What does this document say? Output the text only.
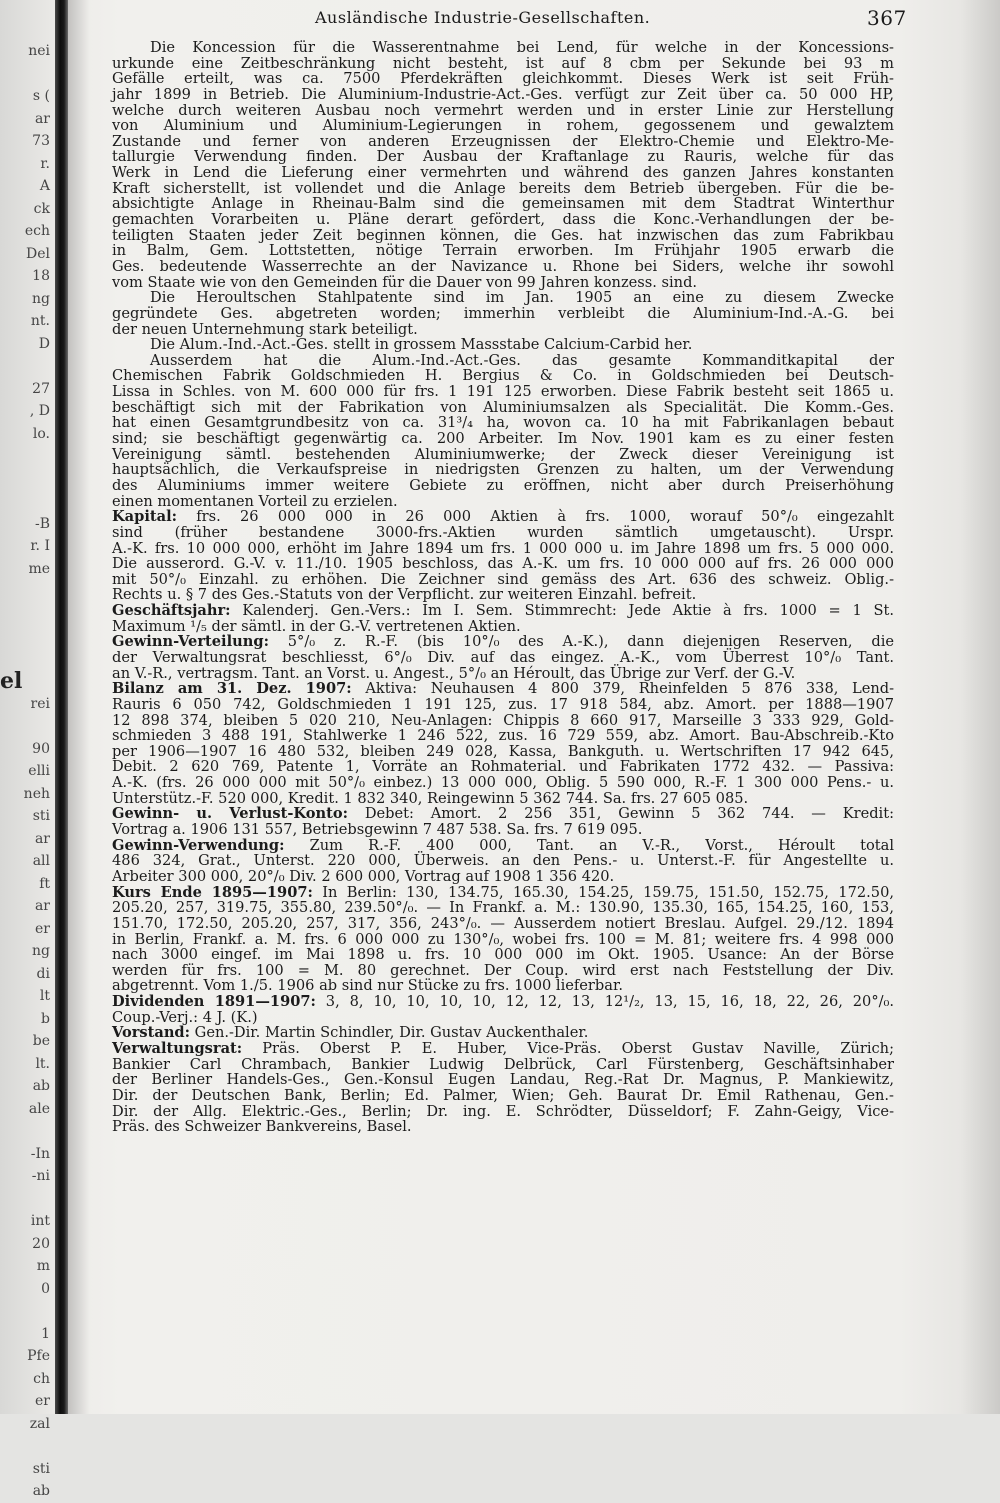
nei
s (
ar
73
r.
A
ck
ech
Del
18
ng
nt.
D
27
, D
lo.
-B
r. I
me
el
rei
90
elli
neh
sti
ar
all
ft
ar
er
ng
di
lt
b
be
lt.
ab
ale
-In
-ni
int
20
m
0
1
Pfe
ch
er
zal
sti
ab
Ausländische Industrie-Gesellschaften.	367
Die Koncession für die Wasserentnahme bei Lend, für welche in der Koncessions-
urkunde eine Zeitbeschränkung nicht besteht, ist auf 8 cbm per Sekunde bei 93 m
Gefälle erteilt, was ca. 7500 Pferdekräften gleichkommt. Dieses Werk ist seit Früh-
jahr 1899 in Betrieb. Die Aluminium-Industrie-Act.-Ges. verfügt zur Zeit über ca. 50 000 HP,
welche durch weiteren Ausbau noch vermehrt werden und in erster Linie zur Herstellung
von Aluminium und Aluminium-Legierungen in rohem, gegossenem und gewalztem
Zustande und ferner von anderen Erzeugnissen der Elektro-Chemie und Elektro-Me-
tallurgie Verwendung finden. Der Ausbau der Kraftanlage zu Rauris, welche für das
Werk in Lend die Lieferung einer vermehrten und während des ganzen Jahres konstanten
Kraft sicherstellt, ist vollendet und die Anlage bereits dem Betrieb übergeben. Für die be-
absichtigte Anlage in Rheinau-Balm sind die gemeinsamen mit dem Stadtrat Winterthur
gemachten Vorarbeiten u. Pläne derart gefördert, dass die Konc.-Verhandlungen der be-
teiligten Staaten jeder Zeit beginnen können, die Ges. hat inzwischen das zum Fabrikbau
in Balm, Gem. Lottstetten, nötige Terrain erworben. Im Frühjahr 1905 erwarb die
Ges. bedeutende Wasserrechte an der Navizance u. Rhone bei Siders, welche ihr sowohl
vom Staate wie von den Gemeinden für die Dauer von 99 Jahren konzess. sind.
Die Heroultschen Stahlpatente sind im Jan. 1905 an eine zu diesem Zwecke
gegründete Ges. abgetreten worden; immerhin verbleibt die Aluminium-Ind.-A.-G. bei
der neuen Unternehmung stark beteiligt.
Die Alum.-Ind.-Act.-Ges. stellt in grossem Massstabe Calcium-Carbid her.
Ausserdem hat die Alum.-Ind.-Act.-Ges. das gesamte Kommanditkapital der
Chemischen Fabrik Goldschmieden H. Bergius & Co. in Goldschmieden bei Deutsch-
Lissa in Schles. von M. 600 000 für frs. 1 191 125 erworben. Diese Fabrik besteht seit 1865 u.
beschäftigt sich mit der Fabrikation von Aluminiumsalzen als Specialität. Die Komm.-Ges.
hat einen Gesamtgrundbesitz von ca. 31³/₄ ha, wovon ca. 10 ha mit Fabrikanlagen bebaut
sind; sie beschäftigt gegenwärtig ca. 200 Arbeiter. Im Nov. 1901 kam es zu einer festen
Vereinigung sämtl. bestehenden Aluminiumwerke; der Zweck dieser Vereinigung ist
hauptsächlich, die Verkaufspreise in niedrigsten Grenzen zu halten, um der Verwendung
des Aluminiums immer weitere Gebiete zu eröffnen, nicht aber durch Preiserhöhung
einen momentanen Vorteil zu erzielen.
Kapital: frs. 26 000 000 in 26 000 Aktien à frs. 1000, worauf 50°/₀ eingezahlt
sind (früher bestandene 3000-frs.-Aktien wurden sämtlich umgetauscht). Urspr.
A.-K. frs. 10 000 000, erhöht im Jahre 1894 um frs. 1 000 000 u. im Jahre 1898 um frs. 5 000 000.
Die ausserord. G.-V. v. 11./10. 1905 beschloss, das A.-K. um frs. 10 000 000 auf frs. 26 000 000
mit 50°/₀ Einzahl. zu erhöhen. Die Zeichner sind gemäss des Art. 636 des schweiz. Oblig.-
Rechts u. § 7 des Ges.-Statuts von der Verpflicht. zur weiteren Einzahl. befreit.
Geschäftsjahr: Kalenderj. Gen.-Vers.: Im I. Sem. Stimmrecht: Jede Aktie à frs. 1000 = 1 St.
Maximum ¹/₅ der sämtl. in der G.-V. vertretenen Aktien.
Gewinn-Verteilung: 5°/₀ z. R.-F. (bis 10°/₀ des A.-K.), dann diejenigen Reserven, die
der Verwaltungsrat beschliesst, 6°/₀ Div. auf das eingez. A.-K., vom Überrest 10°/₀ Tant.
an V.-R., vertragsm. Tant. an Vorst. u. Angest., 5°/₀ an Héroult, das Übrige zur Verf. der G.-V.
Bilanz am 31. Dez. 1907: Aktiva: Neuhausen 4 800 379, Rheinfelden 5 876 338, Lend-
Rauris 6 050 742, Goldschmieden 1 191 125, zus. 17 918 584, abz. Amort. per 1888—1907
12 898 374, bleiben 5 020 210, Neu-Anlagen: Chippis 8 660 917, Marseille 3 333 929, Gold-
schmieden 3 488 191, Stahlwerke 1 246 522, zus. 16 729 559, abz. Amort. Bau-Abschreib.-Kto
per 1906—1907 16 480 532, bleiben 249 028, Kassa, Bankguth. u. Wertschriften 17 942 645,
Debit. 2 620 769, Patente 1, Vorräte an Rohmaterial. und Fabrikaten 1772 432. — Passiva:
A.-K. (frs. 26 000 000 mit 50°/₀ einbez.) 13 000 000, Oblig. 5 590 000, R.-F. 1 300 000 Pens.- u.
Unterstütz.-F. 520 000, Kredit. 1 832 340, Reingewinn 5 362 744. Sa. frs. 27 605 085.
Gewinn- u. Verlust-Konto: Debet: Amort. 2 256 351, Gewinn 5 362 744. — Kredit:
Vortrag a. 1906 131 557, Betriebsgewinn 7 487 538. Sa. frs. 7 619 095.
Gewinn-Verwendung: Zum R.-F. 400 000, Tant. an V.-R., Vorst., Héroult total
486 324, Grat., Unterst. 220 000, Überweis. an den Pens.- u. Unterst.-F. für Angestellte u.
Arbeiter 300 000, 20°/₀ Div. 2 600 000, Vortrag auf 1908 1 356 420.
Kurs Ende 1895—1907: In Berlin: 130, 134.75, 165.30, 154.25, 159.75, 151.50, 152.75, 172.50,
205.20, 257, 319.75, 355.80, 239.50°/₀. — In Frankf. a. M.: 130.90, 135.30, 165, 154.25, 160, 153,
151.70, 172.50, 205.20, 257, 317, 356, 243°/₀. — Ausserdem notiert Breslau. Aufgel. 29./12. 1894
in Berlin, Frankf. a. M. frs. 6 000 000 zu 130°/₀, wobei frs. 100 = M. 81; weitere frs. 4 998 000
nach 3000 eingef. im Mai 1898 u. frs. 10 000 000 im Okt. 1905. Usance: An der Börse
werden für frs. 100 = M. 80 gerechnet. Der Coup. wird erst nach Feststellung der Div.
abgetrennt. Vom 1./5. 1906 ab sind nur Stücke zu frs. 1000 lieferbar.
Dividenden 1891—1907: 3, 8, 10, 10, 10, 10, 12, 12, 13, 12¹/₂, 13, 15, 16, 18, 22, 26, 20°/₀.
Coup.-Verj.: 4 J. (K.)
Vorstand: Gen.-Dir. Martin Schindler, Dir. Gustav Auckenthaler.
Verwaltungsrat: Präs. Oberst P. E. Huber, Vice-Präs. Oberst Gustav Naville, Zürich;
Bankier Carl Chrambach, Bankier Ludwig Delbrück, Carl Fürstenberg, Geschäftsinhaber
der Berliner Handels-Ges., Gen.-Konsul Eugen Landau, Reg.-Rat Dr. Magnus, P. Mankiewitz,
Dir. der Deutschen Bank, Berlin; Ed. Palmer, Wien; Geh. Baurat Dr. Emil Rathenau, Gen.-
Dir. der Allg. Elektric.-Ges., Berlin; Dr. ing. E. Schrödter, Düsseldorf; F. Zahn-Geigy, Vice-
Präs. des Schweizer Bankvereins, Basel.
